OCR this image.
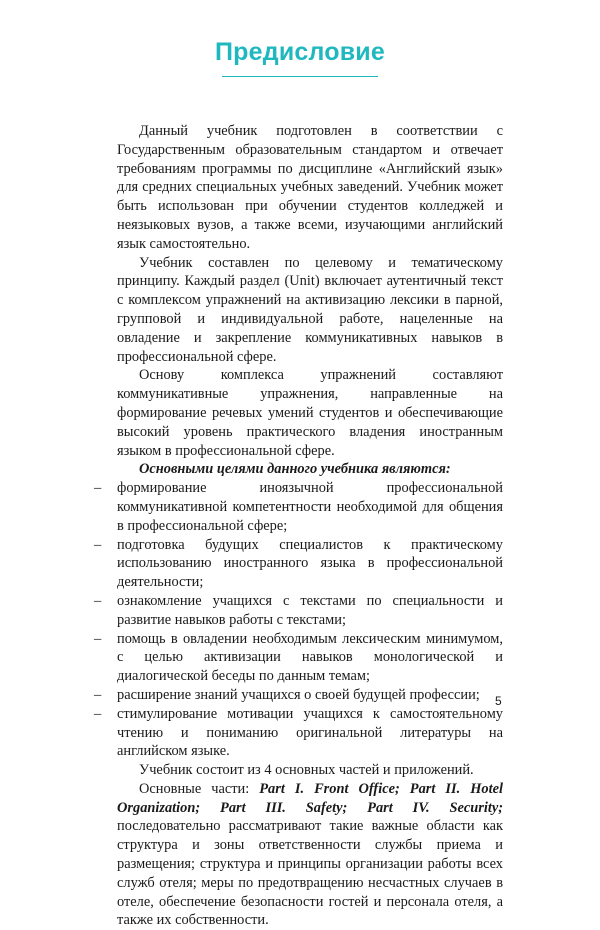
Предисловие

Данный учебник подготовлен в соответствии с Государственным образовательным стандартом и отвечает требованиям программы по дисциплине «Английский язык» для средних специальных учебных заведений. Учебник может быть использован при обучении студентов колледжей и неязыковых вузов, а также всеми, изучающими английский язык самостоятельно.

Учебник составлен по целевому и тематическому принципу. Каждый раздел (Unit) включает аутентичный текст с комплексом упражнений на активизацию лексики в парной, групповой и индивидуальной работе, нацеленные на овладение и закрепление коммуникативных навыков в профессиональной сфере.

Основу комплекса упражнений составляют коммуникативные упражнения, направленные на формирование речевых умений студентов и обеспечивающие высокий уровень практического владения иностранным языком в профессиональной сфере.

Основными целями данного учебника являются:
– формирование иноязычной профессиональной коммуникативной компетентности необходимой для общения в профессиональной сфере;
– подготовка будущих специалистов к практическому использованию иностранного языка в профессиональной деятельности;
– ознакомление учащихся с текстами по специальности и развитие навыков работы с текстами;
– помощь в овладении необходимым лексическим минимумом, с целью активизации навыков монологической и диалогической беседы по данным темам;
– расширение знаний учащихся о своей будущей профессии;
– стимулирование мотивации учащихся к самостоятельному чтению и пониманию оригинальной литературы на английском языке.

Учебник состоит из 4 основных частей и приложений.

Основные части: Part I. Front Office; Part II. Hotel Organization; Part III. Safety; Part IV. Security; последовательно рассматривают такие важные области как структура и зоны ответственности службы приема и размещения; структура и принципы организации работы всех служб отеля; меры по предотвращению несчастных случаев в отеле, обеспечение безопасности гостей и персонала отеля, а также их собственности.

5
